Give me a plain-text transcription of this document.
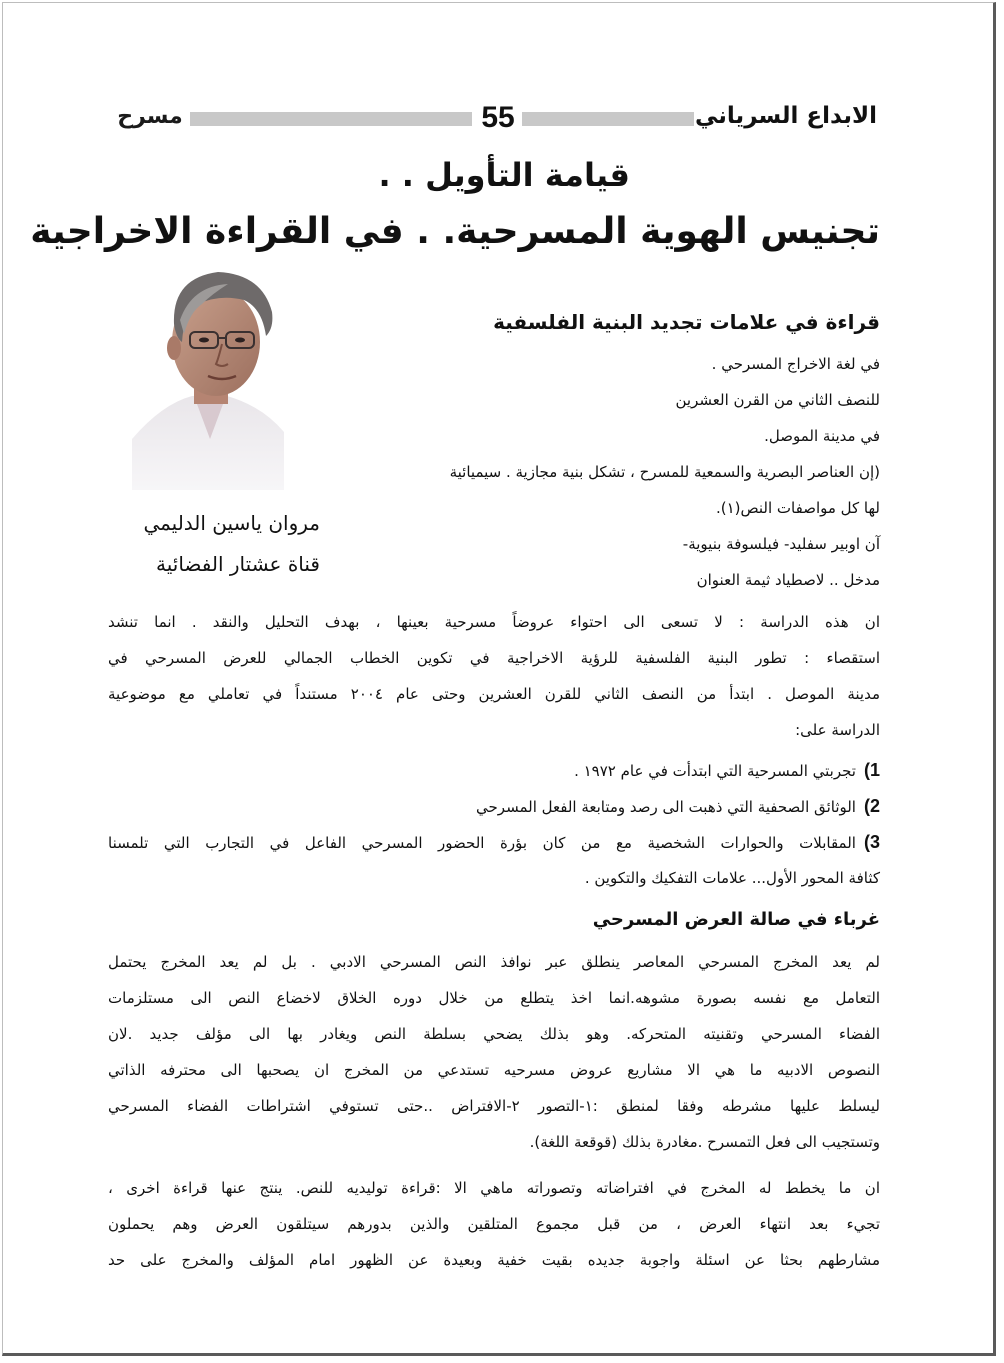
مسرح	55	الابداع السرياني
قيامة التأويل . .
تجنيس الهوية المسرحية. . في القراءة الاخراجية
مروان ياسين الدليمي
قناة عشتار الفضائية
قراءة في علامات تجديد البنية الفلسفية
في لغة الاخراج المسرحي .
للنصف الثاني من القرن العشرين
في مدينة الموصل.
(إن العناصر البصرية والسمعية للمسرح ، تشكل بنية مجازية . سيميائية
لها كل مواصفات النص(١).
آن اوبير سفليد- فيلسوفة بنيوية-
مدخل .. لاصطياد ثيمة العنوان
ان هذه الدراسة : لا تسعى الى احتواء عروضاً مسرحية بعينها ، بهدف التحليل والنقد . انما تنشد
استقصاء : تطور البنية الفلسفية للرؤية الاخراجية في تكوين الخطاب الجمالي للعرض المسرحي في
مدينة الموصل . ابتدأ من النصف الثاني للقرن العشرين وحتى عام ٢٠٠٤ مستنداً في تعاملي مع موضوعية
الدراسة على:
1)تجربتي المسرحية التي ابتدأت في عام ١٩٧٢ .
2)الوثائق الصحفية التي ذهبت الى رصد ومتابعة الفعل المسرحي
3)المقابلات والحوارات الشخصية مع من كان بؤرة الحضور المسرحي الفاعل في التجارب التي تلمسنا
كثافة المحور الأول... علامات التفكيك والتكوين .
غرباء في صالة العرض المسرحي
لم يعد المخرج المسرحي المعاصر ينطلق عبر نوافذ النص المسرحي الادبي . بل لم يعد المخرج يحتمل
التعامل مع نفسه بصورة مشوهه.انما اخذ يتطلع من خلال دوره الخلاق لاخضاع النص الى مستلزمات
الفضاء المسرحي وتقنيته المتحركه. وهو بذلك يضحي بسلطة النص ويغادر بها الى مؤلف جديد .لان
النصوص الادبيه ما هي الا مشاريع عروض مسرحيه تستدعي من المخرج ان يصحبها الى محترفه الذاتي
ليسلط عليها مشرطه وفقا لمنطق :١-التصور ٢-الافتراض ..حتى تستوفي اشتراطات الفضاء المسرحي
وتستجيب الى فعل التمسرح .مغادرة بذلك (قوقعة اللغة).
ان ما يخطط له المخرج في افتراضاته وتصوراته ماهي الا :قراءة توليديه للنص. ينتج عنها قراءة اخرى ،
تجيء بعد انتهاء العرض ، من قبل مجموع المتلقين والذين بدورهم سيتلقون العرض وهم يحملون
مشارطهم بحثا عن اسئلة واجوبة جديده بقيت خفية وبعيدة عن الظهور امام المؤلف والمخرج على حد
